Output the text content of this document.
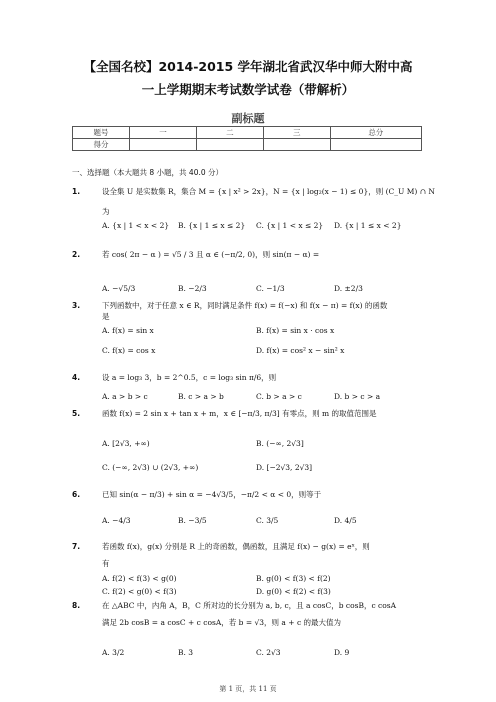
【全国名校】2014-2015 学年湖北省武汉华中师大附中高
一上学期期末考试数学试卷（带解析）
副标题
题号	一	二	三	总分
得分				
一、选择题（本大题共 8 小题，共 40.0 分）
1.	设全集 U 是实数集 R，集合 M = {x | x² > 2x}，N = {x | log₂(x − 1) ≤ 0}，则 (C_U M) ∩ N
为
A. {x | 1 < x < 2} B. {x | 1 ≤ x ≤ 2} C. {x | 1 < x ≤ 2} D. {x | 1 ≤ x < 2}
2.	若 cos( 2π − α ) = √5 / 3 且 α ∈ (−π/2, 0)，则 sin(π − α) =
A. −√5/3	B. −2/3	C. −1/3	D. ±2/3
3.	下列函数中，对于任意 x ∈ R，同时满足条件 f(x) = f(−x) 和 f(x − π) = f(x) 的函数
是
A. f(x) = sin x	B. f(x) = sin x · cos x
C. f(x) = cos x	D. f(x) = cos² x − sin² x
4.	设 a = log₃ 3，b = 2^0.5，c = log₃ sin π/6，则
A. a > b > c	B. c > a > b	C. b > a > c	D. b > c > a
5.	函数 f(x) = 2 sin x + tan x + m，x ∈ [−π/3, π/3] 有零点，则 m 的取值范围是
A. [2√3, +∞)	B. (−∞, 2√3]
C. (−∞, 2√3) ∪ (2√3, +∞)	D. [−2√3, 2√3]
6.	已知 sin(α − π/3) + sin α = −4√3/5，−π/2 < α < 0，则等于
A. −4/3	B. −3/5	C. 3/5	D. 4/5
7.	若函数 f(x)，g(x) 分别是 R 上的奇函数，偶函数，且满足 f(x) − g(x) = eˣ，则
有
A. f(2) < f(3) < g(0)	B. g(0) < f(3) < f(2)
C. f(2) < g(0) < f(3)	D. g(0) < f(2) < f(3)
8.	在 △ABC 中，内角 A，B，C 所对边的长分别为 a, b, c，且 a cosC，b cosB，c cosA
满足 2b cosB = a cosC + c cosA，若 b = √3，则 a + c 的最大值为
A. 3/2	B. 3	C. 2√3	D. 9
第 1 页，共 11 页
